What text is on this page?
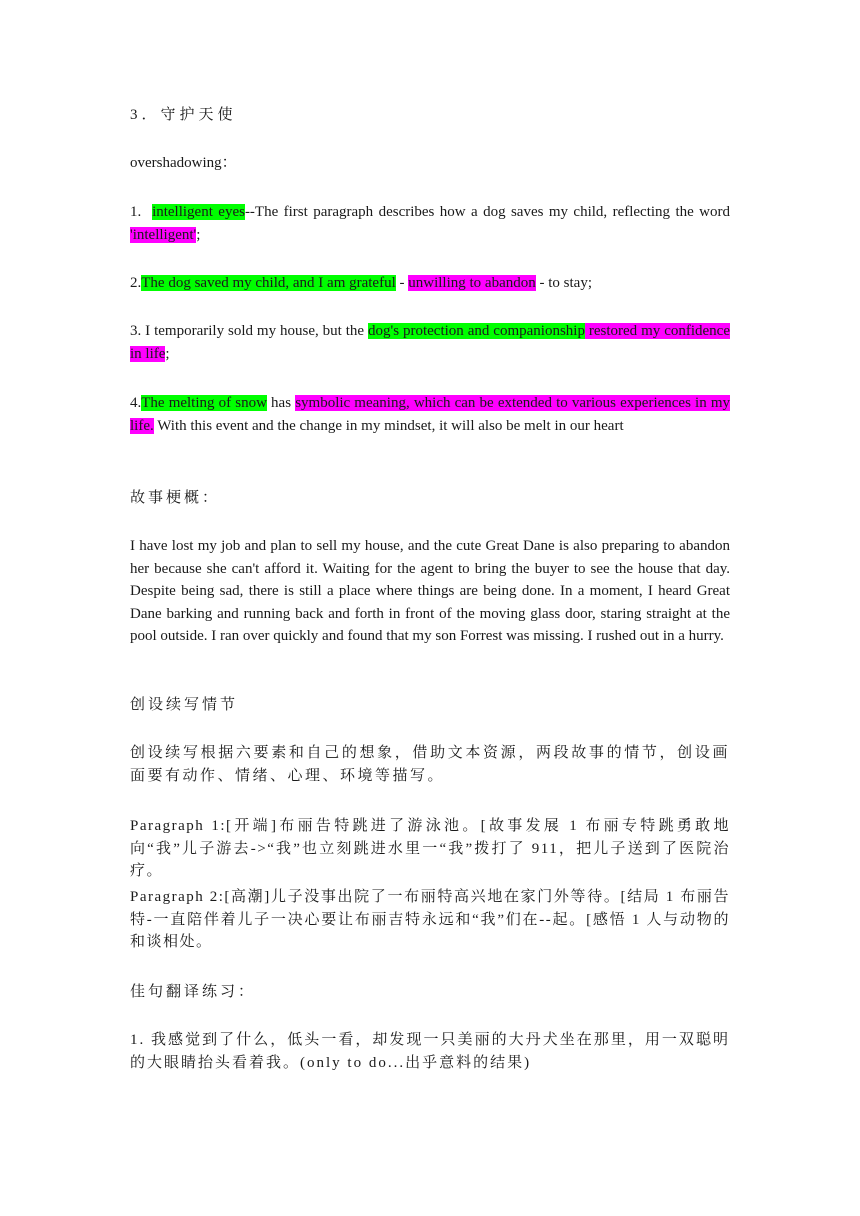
3．守护天使

overshadowing：

1.  intelligent eyes--The first paragraph describes how a dog saves my child, reflecting the word 'intelligent';

2.The dog saved my child, and I am grateful - unwilling to abandon - to stay;

3. I temporarily sold my house, but the dog's protection and companionship restored my confidence in life;

4.The melting of snow has symbolic meaning, which can be extended to various experiences in my life. With this event and the change in my mindset, it will also be melt in our heart

故事梗概：

I have lost my job and plan to sell my house, and the cute Great Dane is also preparing to abandon her because she can't afford it. Waiting for the agent to bring the buyer to see the house that day. Despite being sad, there is still a place where things are being done. In a moment, I heard Great Dane barking and running back and forth in front of the moving glass door, staring straight at the pool outside. I ran over quickly and found that my son Forrest was missing. I rushed out in a hurry.

创设续写情节

创设续写根据六要素和自己的想象，借助文本资源，两段故事的情节，创设画面要有动作、情绪、心理、环境等描写。

Paragraph 1:[开端]布丽告特跳进了游泳池。[故事发展 1 布丽专特跳勇敢地向“我”儿子游去->“我”也立刻跳进水里一“我”拨打了 911，把儿子送到了医院治疗。

Paragraph 2:[高潮]儿子没事出院了一布丽特高兴地在家门外等待。[结局 1 布丽告特-一直陪伴着儿子一决心要让布丽吉特永远和“我”们在--起。[感悟 1 人与动物的和谈相处。

佳句翻译练习：

1. 我感觉到了什么，低头一看，却发现一只美丽的大丹犬坐在那里，用一双聪明的大眼睛抬头看着我。(only to do...出乎意料的结果)
